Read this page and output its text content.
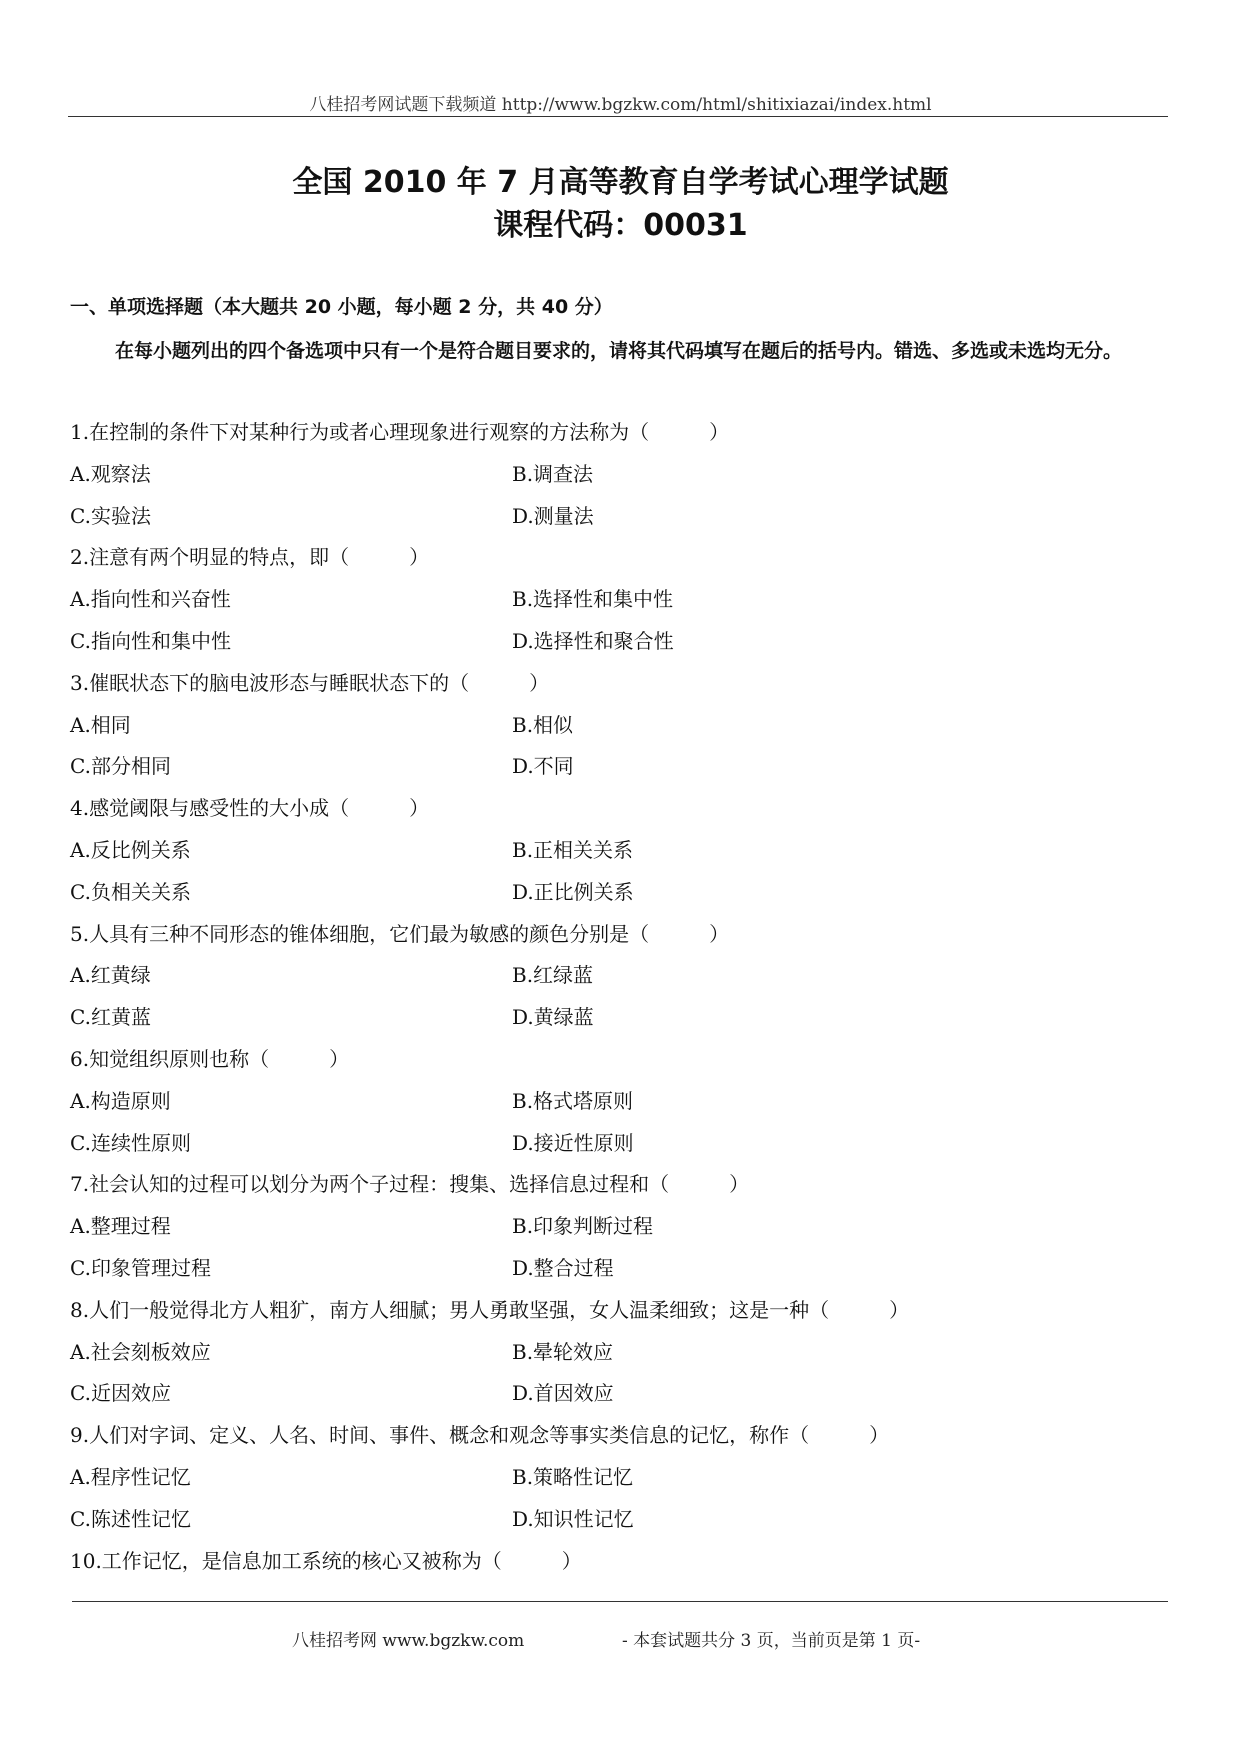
八桂招考网试题下载频道 http://www.bgzkw.com/html/shitixiazai/index.html
全国 2010 年 7 月高等教育自学考试心理学试题
课程代码：00031
一、单项选择题（本大题共 20 小题，每小题 2 分，共 40 分）
在每小题列出的四个备选项中只有一个是符合题目要求的，请将其代码填写在题后的括号内。错选、多选或未选均无分。
1.在控制的条件下对某种行为或者心理现象进行观察的方法称为（　　　）
A.观察法	B.调查法
C.实验法	D.测量法
2.注意有两个明显的特点，即（　　　）
A.指向性和兴奋性	B.选择性和集中性
C.指向性和集中性	D.选择性和聚合性
3.催眠状态下的脑电波形态与睡眠状态下的（　　　）
A.相同	B.相似
C.部分相同	D.不同
4.感觉阈限与感受性的大小成（　　　）
A.反比例关系	B.正相关关系
C.负相关关系	D.正比例关系
5.人具有三种不同形态的锥体细胞，它们最为敏感的颜色分别是（　　　）
A.红黄绿	B.红绿蓝
C.红黄蓝	D.黄绿蓝
6.知觉组织原则也称（　　　）
A.构造原则	B.格式塔原则
C.连续性原则	D.接近性原则
7.社会认知的过程可以划分为两个子过程：搜集、选择信息过程和（　　　）
A.整理过程	B.印象判断过程
C.印象管理过程	D.整合过程
8.人们一般觉得北方人粗犷，南方人细腻；男人勇敢坚强，女人温柔细致；这是一种（　　　）
A.社会刻板效应	B.晕轮效应
C.近因效应	D.首因效应
9.人们对字词、定义、人名、时间、事件、概念和观念等事实类信息的记忆，称作（　　　）
A.程序性记忆	B.策略性记忆
C.陈述性记忆	D.知识性记忆
10.工作记忆，是信息加工系统的核心又被称为（　　　）
八桂招考网 www.bgzkw.com	- 本套试题共分 3 页，当前页是第 1 页-
